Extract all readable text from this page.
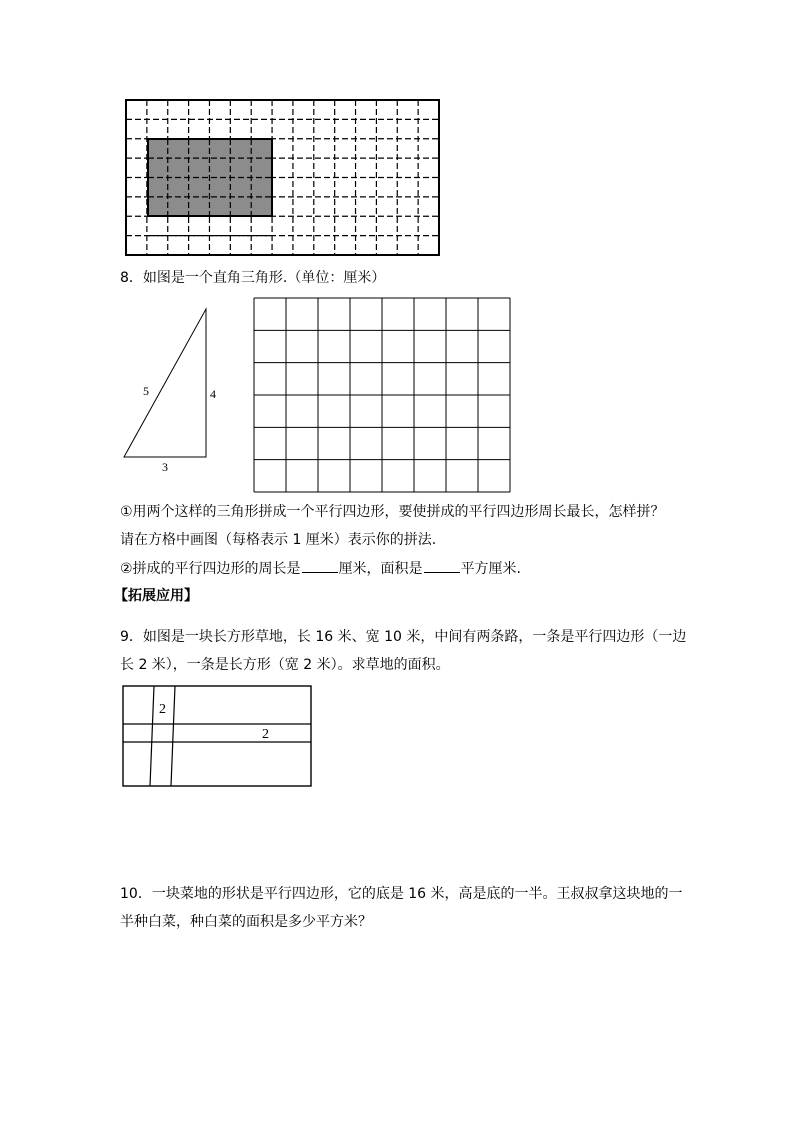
8．如图是一个直角三角形.（单位：厘米）
5	4
3
①用两个这样的三角形拼成一个平行四边形，要使拼成的平行四边形周长最长，怎样拼？
请在方格中画图（每格表示 1 厘米）表示你的拼法.
②拼成的平行四边形的周长是	厘米，面积是	平方厘米.
【拓展应用】
9．如图是一块长方形草地，长 16 米、宽 10 米，中间有两条路，一条是平行四边形（一边
长 2 米），一条是长方形（宽 2 米）。求草地的面积。
2
2
10．一块菜地的形状是平行四边形，它的底是 16 米，高是底的一半。王叔叔拿这块地的一
半种白菜，种白菜的面积是多少平方米？
